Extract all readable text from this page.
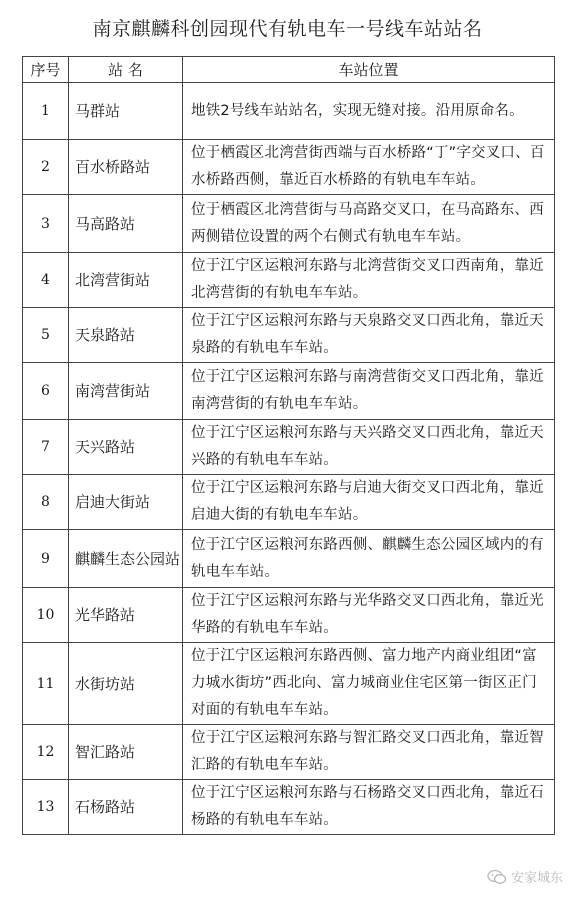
南京麒麟科创园现代有轨电车一号线车站站名
序号	站 名	车站位置
1	马群站	地铁2号线车站站名，实现无缝对接。沿用原命名。
2	百水桥路站	位于栖霞区北湾营街西端与百水桥路“丁”字交叉口、百水桥路西侧，靠近百水桥路的有轨电车车站。
3	马高路站	位于栖霞区北湾营街与马高路交叉口，在马高路东、西两侧错位设置的两个右侧式有轨电车车站。
4	北湾营街站	位于江宁区运粮河东路与北湾营街交叉口西南角，靠近北湾营街的有轨电车车站。
5	天泉路站	位于江宁区运粮河东路与天泉路交叉口西北角，靠近天泉路的有轨电车车站。
6	南湾营街站	位于江宁区运粮河东路与南湾营街交叉口西北角，靠近南湾营街的有轨电车车站。
7	天兴路站	位于江宁区运粮河东路与天兴路交叉口西北角，靠近天兴路的有轨电车车站。
8	启迪大街站	位于江宁区运粮河东路与启迪大街交叉口西北角，靠近启迪大街的有轨电车车站。
9	麒麟生态公园站	位于江宁区运粮河东路西侧、麒麟生态公园区域内的有轨电车车站。
10	光华路站	位于江宁区运粮河东路与光华路交叉口西北角，靠近光华路的有轨电车车站。
11	水街坊站	位于江宁区运粮河东路西侧、富力地产内商业组团“富力城水街坊”西北向、富力城商业住宅区第一街区正门对面的有轨电车车站。
12	智汇路站	位于江宁区运粮河东路与智汇路交叉口西北角，靠近智汇路的有轨电车车站。
13	石杨路站	位于江宁区运粮河东路与石杨路交叉口西北角，靠近石杨路的有轨电车车站。
安家城东
